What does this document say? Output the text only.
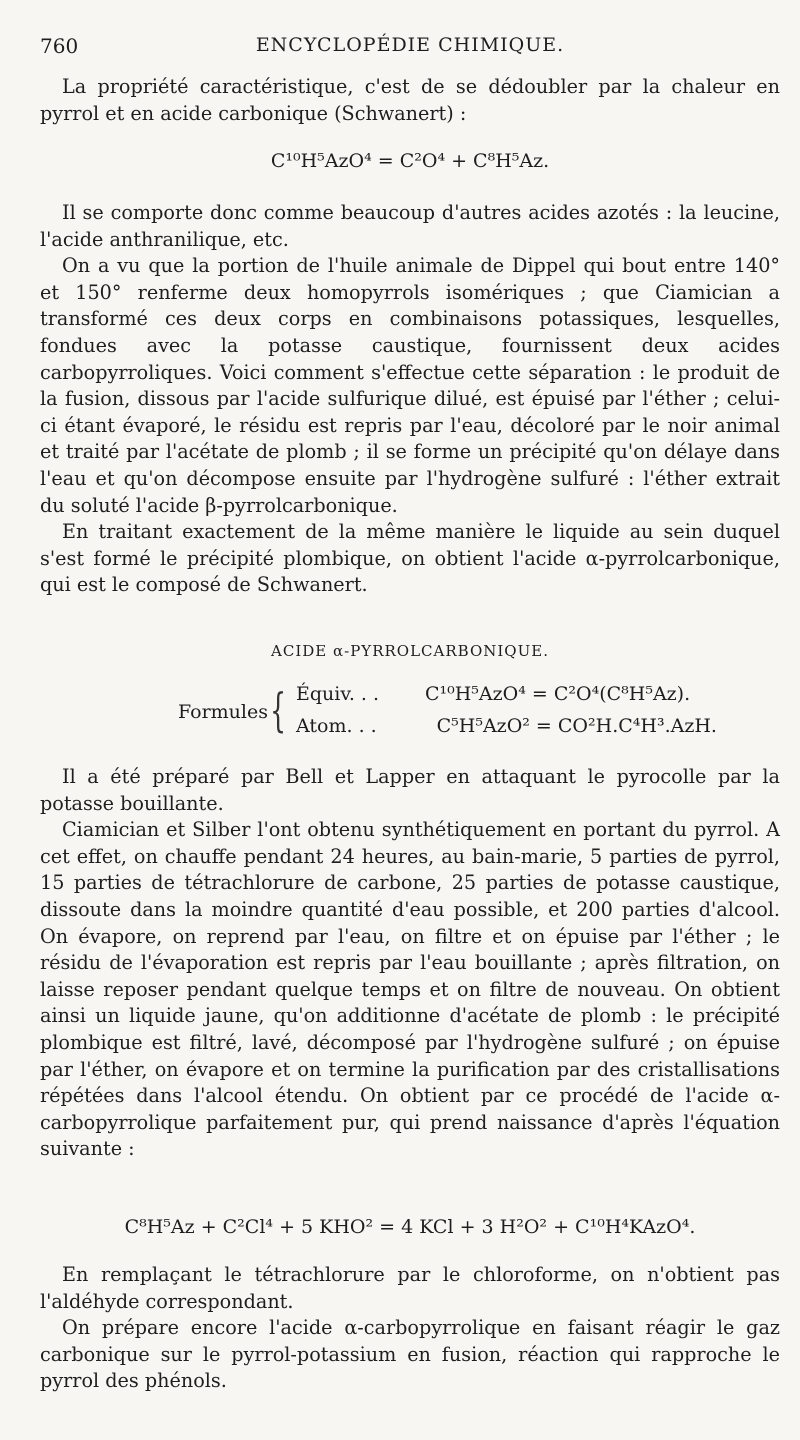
760	ENCYCLOPÉDIE CHIMIQUE.

La propriété caractéristique, c'est de se dédoubler par la chaleur en pyrrol et en acide carbonique (Schwanert) :

C¹⁰H⁵AzO⁴ = C²O⁴ + C⁸H⁵Az.

Il se comporte donc comme beaucoup d'autres acides azotés : la leucine, l'acide anthranilique, etc.

On a vu que la portion de l'huile animale de Dippel qui bout entre 140° et 150° renferme deux homopyrrols isomériques ; que Ciamician a transformé ces deux corps en combinaisons potassiques, lesquelles, fondues avec la potasse caustique, fournissent deux acides carbopyrroliques. Voici comment s'effectue cette séparation : le produit de la fusion, dissous par l'acide sulfurique dilué, est épuisé par l'éther ; celui-ci étant évaporé, le résidu est repris par l'eau, décoloré par le noir animal et traité par l'acétate de plomb ; il se forme un précipité qu'on délaye dans l'eau et qu'on décompose ensuite par l'hydrogène sulfuré : l'éther extrait du soluté l'acide β-pyrrolcarbonique.

En traitant exactement de la même manière le liquide au sein duquel s'est formé le précipité plombique, on obtient l'acide α-pyrrolcarbonique, qui est le composé de Schwanert.

ACIDE α-PYRROLCARBONIQUE.
Formules { Équiv. . . C¹⁰H⁵AzO⁴ = C²O⁴(C⁸H⁵Az).
Atom. . .	C⁵H⁵AzO² = CO²H.C⁴H³.AzH.

Il a été préparé par Bell et Lapper en attaquant le pyrocolle par la potasse bouillante.

Ciamician et Silber l'ont obtenu synthétiquement en portant du pyrrol. A cet effet, on chauffe pendant 24 heures, au bain-marie, 5 parties de pyrrol, 15 parties de tétrachlorure de carbone, 25 parties de potasse caustique, dissoute dans la moindre quantité d'eau possible, et 200 parties d'alcool. On évapore, on reprend par l'eau, on filtre et on épuise par l'éther ; le résidu de l'évaporation est repris par l'eau bouillante ; après filtration, on laisse reposer pendant quelque temps et on filtre de nouveau. On obtient ainsi un liquide jaune, qu'on additionne d'acétate de plomb : le précipité plombique est filtré, lavé, décomposé par l'hydrogène sulfuré ; on épuise par l'éther, on évapore et on termine la purification par des cristallisations répétées dans l'alcool étendu. On obtient par ce procédé de l'acide α-carbopyrrolique parfaitement pur, qui prend naissance d'après l'équation suivante :

C⁸H⁵Az + C²Cl⁴ + 5 KHO² = 4 KCl + 3 H²O² + C¹⁰H⁴KAzO⁴.

En remplaçant le tétrachlorure par le chloroforme, on n'obtient pas l'aldéhyde correspondant.

On prépare encore l'acide α-carbopyrrolique en faisant réagir le gaz carbonique sur le pyrrol-potassium en fusion, réaction qui rapproche le pyrrol des phénols.
